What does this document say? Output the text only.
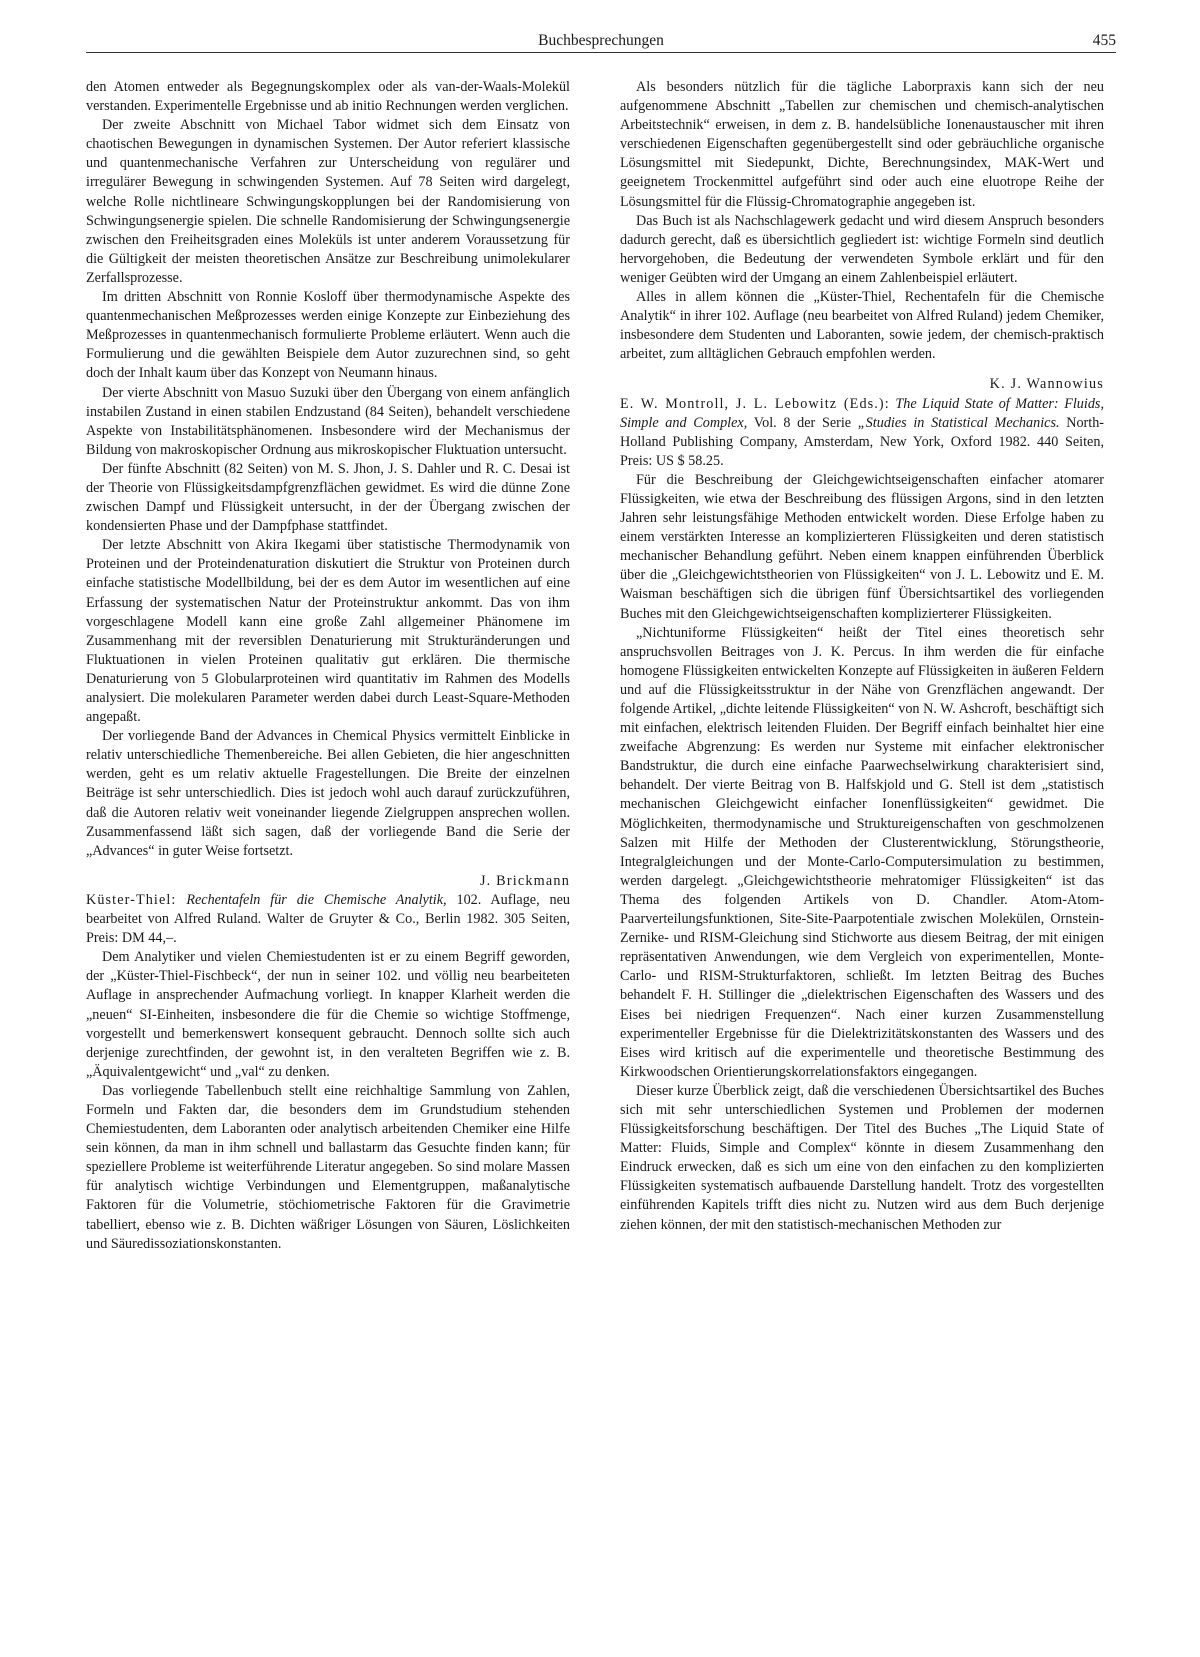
Buchbesprechungen	455

den Atomen entweder als Begegnungskomplex oder als van-der-Waals-Molekül verstanden. Experimentelle Ergebnisse und ab initio Rechnungen werden verglichen.

Der zweite Abschnitt von Michael Tabor widmet sich dem Einsatz von chaotischen Bewegungen in dynamischen Systemen. Der Autor referiert klassische und quantenmechanische Verfahren zur Unterscheidung von regulärer und irregulärer Bewegung in schwingenden Systemen. Auf 78 Seiten wird dargelegt, welche Rolle nichtlineare Schwingungskopplungen bei der Randomisierung von Schwingungsenergie spielen. Die schnelle Randomisierung der Schwingungsenergie zwischen den Freiheitsgraden eines Moleküls ist unter anderem Voraussetzung für die Gültigkeit der meisten theoretischen Ansätze zur Beschreibung unimolekularer Zerfallsprozesse.

Im dritten Abschnitt von Ronnie Kosloff über thermodynamische Aspekte des quantenmechanischen Meßprozesses werden einige Konzepte zur Einbeziehung des Meßprozesses in quantenmechanisch formulierte Probleme erläutert. Wenn auch die Formulierung und die gewählten Beispiele dem Autor zuzurechnen sind, so geht doch der Inhalt kaum über das Konzept von Neumann hinaus.

Der vierte Abschnitt von Masuo Suzuki über den Übergang von einem anfänglich instabilen Zustand in einen stabilen Endzustand (84 Seiten), behandelt verschiedene Aspekte von Instabilitätsphänomenen. Insbesondere wird der Mechanismus der Bildung von makroskopischer Ordnung aus mikroskopischer Fluktuation untersucht.

Der fünfte Abschnitt (82 Seiten) von M. S. Jhon, J. S. Dahler und R. C. Desai ist der Theorie von Flüssigkeitsdampfgrenzflächen gewidmet. Es wird die dünne Zone zwischen Dampf und Flüssigkeit untersucht, in der der Übergang zwischen der kondensierten Phase und der Dampfphase stattfindet.

Der letzte Abschnitt von Akira Ikegami über statistische Thermodynamik von Proteinen und der Proteindenaturation diskutiert die Struktur von Proteinen durch einfache statistische Modellbildung, bei der es dem Autor im wesentlichen auf eine Erfassung der systematischen Natur der Proteinstruktur ankommt. Das von ihm vorgeschlagene Modell kann eine große Zahl allgemeiner Phänomene im Zusammenhang mit der reversiblen Denaturierung mit Strukturänderungen und Fluktuationen in vielen Proteinen qualitativ gut erklären. Die thermische Denaturierung von 5 Globularproteinen wird quantitativ im Rahmen des Modells analysiert. Die molekularen Parameter werden dabei durch Least-Square-Methoden angepaßt.

Der vorliegende Band der Advances in Chemical Physics vermittelt Einblicke in relativ unterschiedliche Themenbereiche. Bei allen Gebieten, die hier angeschnitten werden, geht es um relativ aktuelle Fragestellungen. Die Breite der einzelnen Beiträge ist sehr unterschiedlich. Dies ist jedoch wohl auch darauf zurückzuführen, daß die Autoren relativ weit voneinander liegende Zielgruppen ansprechen wollen. Zusammenfassend läßt sich sagen, daß der vorliegende Band die Serie der „Advances“ in guter Weise fortsetzt.

J. Brickmann

Küster-Thiel: Rechentafeln für die Chemische Analytik, 102. Auflage, neu bearbeitet von Alfred Ruland. Walter de Gruyter & Co., Berlin 1982. 305 Seiten, Preis: DM 44,–.

Dem Analytiker und vielen Chemiestudenten ist er zu einem Begriff geworden, der „Küster-Thiel-Fischbeck“, der nun in seiner 102. und völlig neu bearbeiteten Auflage in ansprechender Aufmachung vorliegt. In knapper Klarheit werden die „neuen“ SI-Einheiten, insbesondere die für die Chemie so wichtige Stoffmenge, vorgestellt und bemerkenswert konsequent gebraucht. Dennoch sollte sich auch derjenige zurechtfinden, der gewohnt ist, in den veralteten Begriffen wie z. B. „Äquivalentgewicht“ und „val“ zu denken.

Das vorliegende Tabellenbuch stellt eine reichhaltige Sammlung von Zahlen, Formeln und Fakten dar, die besonders dem im Grundstudium stehenden Chemiestudenten, dem Laboranten oder analytisch arbeitenden Chemiker eine Hilfe sein können, da man in ihm schnell und ballastarm das Gesuchte finden kann; für speziellere Probleme ist weiterführende Literatur angegeben. So sind molare Massen für analytisch wichtige Verbindungen und Elementgruppen, maßanalytische Faktoren für die Volumetrie, stöchiometrische Faktoren für die Gravimetrie tabelliert, ebenso wie z. B. Dichten wäßriger Lösungen von Säuren, Löslichkeiten und Säuredissoziationskonstanten.

Als besonders nützlich für die tägliche Laborpraxis kann sich der neu aufgenommene Abschnitt „Tabellen zur chemischen und chemisch-analytischen Arbeitstechnik“ erweisen, in dem z. B. handelsübliche Ionenaustauscher mit ihren verschiedenen Eigenschaften gegenübergestellt sind oder gebräuchliche organische Lösungsmittel mit Siedepunkt, Dichte, Berechnungsindex, MAK-Wert und geeignetem Trockenmittel aufgeführt sind oder auch eine eluotrope Reihe der Lösungsmittel für die Flüssig-Chromatographie angegeben ist.

Das Buch ist als Nachschlagewerk gedacht und wird diesem Anspruch besonders dadurch gerecht, daß es übersichtlich gegliedert ist: wichtige Formeln sind deutlich hervorgehoben, die Bedeutung der verwendeten Symbole erklärt und für den weniger Geübten wird der Umgang an einem Zahlenbeispiel erläutert.

Alles in allem können die „Küster-Thiel, Rechentafeln für die Chemische Analytik“ in ihrer 102. Auflage (neu bearbeitet von Alfred Ruland) jedem Chemiker, insbesondere dem Studenten und Laboranten, sowie jedem, der chemisch-praktisch arbeitet, zum alltäglichen Gebrauch empfohlen werden.

K. J. Wannowius

E. W. Montroll, J. L. Lebowitz (Eds.): The Liquid State of Matter: Fluids, Simple and Complex, Vol. 8 der Serie „Studies in Statistical Mechanics. North-Holland Publishing Company, Amsterdam, New York, Oxford 1982. 440 Seiten, Preis: US $ 58.25.

Für die Beschreibung der Gleichgewichtseigenschaften einfacher atomarer Flüssigkeiten, wie etwa der Beschreibung des flüssigen Argons, sind in den letzten Jahren sehr leistungsfähige Methoden entwickelt worden. Diese Erfolge haben zu einem verstärkten Interesse an komplizierteren Flüssigkeiten und deren statistisch mechanischer Behandlung geführt. Neben einem knappen einführenden Überblick über die „Gleichgewichtstheorien von Flüssigkeiten“ von J. L. Lebowitz und E. M. Waisman beschäftigen sich die übrigen fünf Übersichtsartikel des vorliegenden Buches mit den Gleichgewichtseigenschaften komplizierterer Flüssigkeiten.

„Nichtuniforme Flüssigkeiten“ heißt der Titel eines theoretisch sehr anspruchsvollen Beitrages von J. K. Percus. In ihm werden die für einfache homogene Flüssigkeiten entwickelten Konzepte auf Flüssigkeiten in äußeren Feldern und auf die Flüssigkeitsstruktur in der Nähe von Grenzflächen angewandt. Der folgende Artikel, „dichte leitende Flüssigkeiten“ von N. W. Ashcroft, beschäftigt sich mit einfachen, elektrisch leitenden Fluiden. Der Begriff einfach beinhaltet hier eine zweifache Abgrenzung: Es werden nur Systeme mit einfacher elektronischer Bandstruktur, die durch eine einfache Paarwechselwirkung charakterisiert sind, behandelt. Der vierte Beitrag von B. Halfskjold und G. Stell ist dem „statistisch mechanischen Gleichgewicht einfacher Ionenflüssigkeiten“ gewidmet. Die Möglichkeiten, thermodynamische und Struktureigenschaften von geschmolzenen Salzen mit Hilfe der Methoden der Clusterentwicklung, Störungstheorie, Integralgleichungen und der Monte-Carlo-Computersimulation zu bestimmen, werden dargelegt. „Gleichgewichtstheorie mehratomiger Flüssigkeiten“ ist das Thema des folgenden Artikels von D. Chandler. Atom-Atom-Paarverteilungsfunktionen, Site-Site-Paarpotentiale zwischen Molekülen, Ornstein-Zernike- und RISM-Gleichung sind Stichworte aus diesem Beitrag, der mit einigen repräsentativen Anwendungen, wie dem Vergleich von experimentellen, Monte-Carlo- und RISM-Strukturfaktoren, schließt. Im letzten Beitrag des Buches behandelt F. H. Stillinger die „dielektrischen Eigenschaften des Wassers und des Eises bei niedrigen Frequenzen“. Nach einer kurzen Zusammenstellung experimenteller Ergebnisse für die Dielektrizitätskonstanten des Wassers und des Eises wird kritisch auf die experimentelle und theoretische Bestimmung des Kirkwoodschen Orientierungskorrelationsfaktors eingegangen.

Dieser kurze Überblick zeigt, daß die verschiedenen Übersichtsartikel des Buches sich mit sehr unterschiedlichen Systemen und Problemen der modernen Flüssigkeitsforschung beschäftigen. Der Titel des Buches „The Liquid State of Matter: Fluids, Simple and Complex“ könnte in diesem Zusammenhang den Eindruck erwecken, daß es sich um eine von den einfachen zu den komplizierten Flüssigkeiten systematisch aufbauende Darstellung handelt. Trotz des vorgestellten einführenden Kapitels trifft dies nicht zu. Nutzen wird aus dem Buch derjenige ziehen können, der mit den statistisch-mechanischen Methoden zur
